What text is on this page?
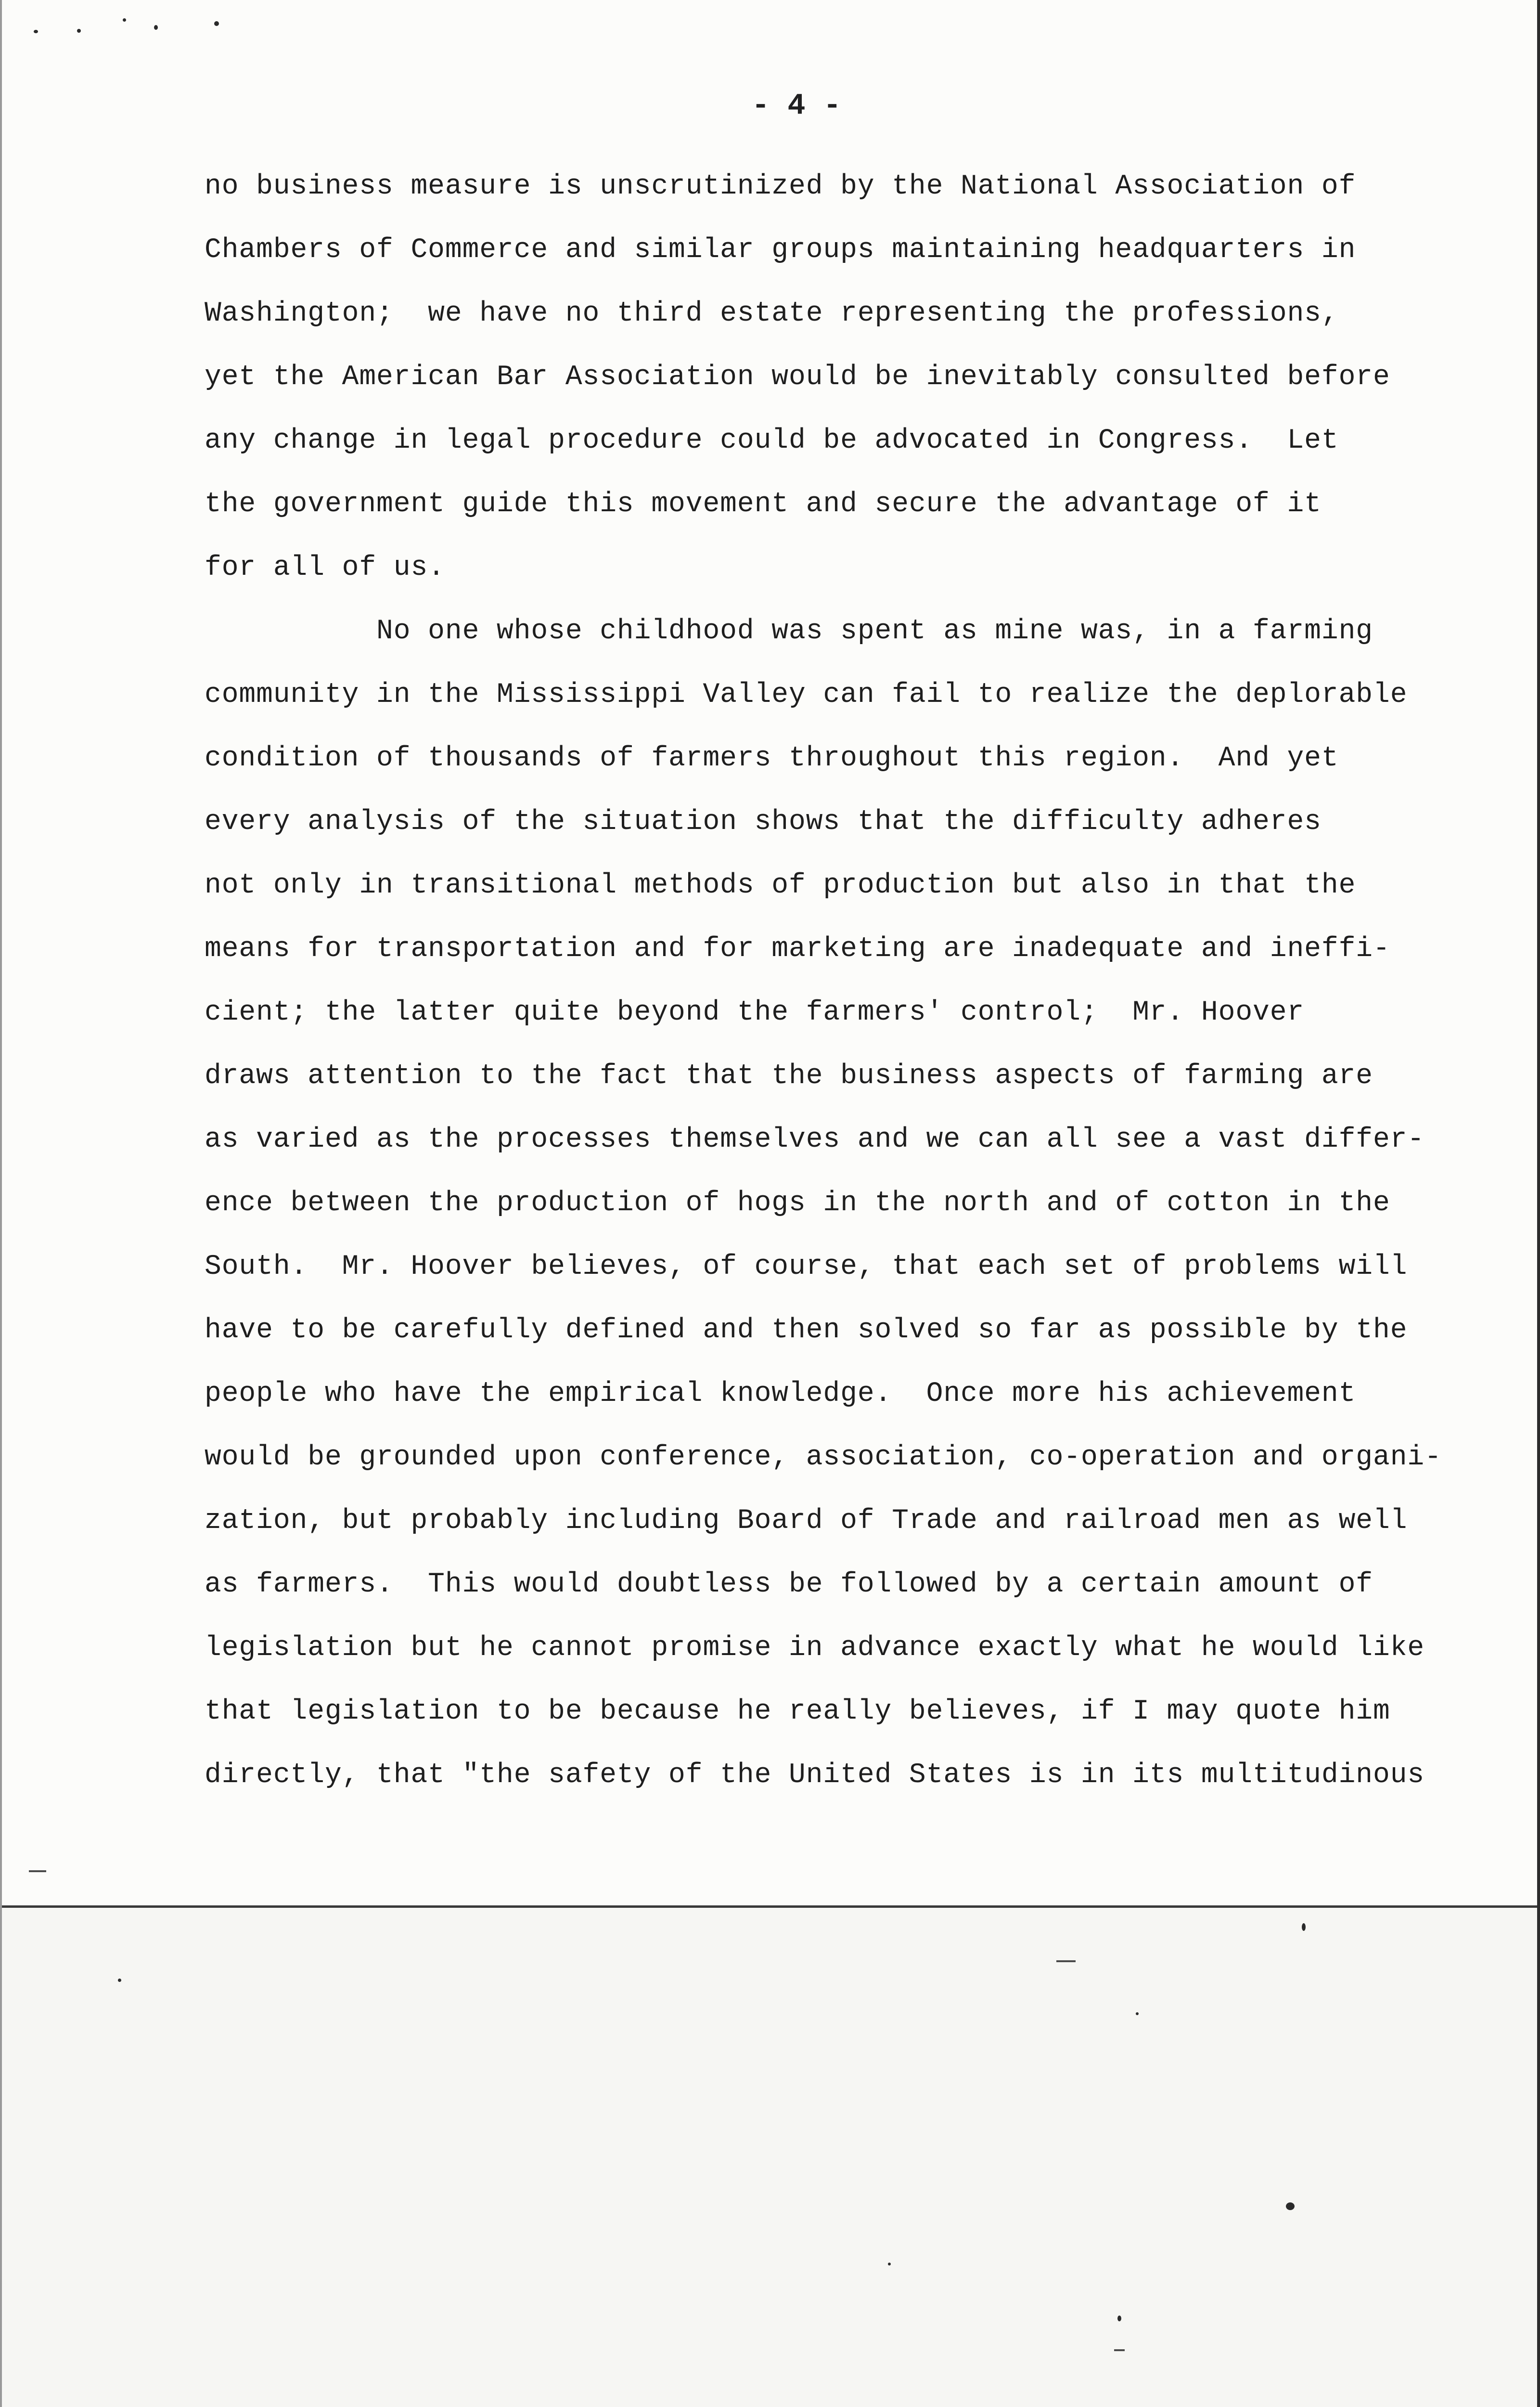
- 4 -
no business measure is unscrutinized by the National Association of
Chambers of Commerce and similar groups maintaining headquarters in
Washington;  we have no third estate representing the professions,
yet the American Bar Association would be inevitably consulted before
any change in legal procedure could be advocated in Congress.  Let
the government guide this movement and secure the advantage of it
for all of us.
No one whose childhood was spent as mine was, in a farming
community in the Mississippi Valley can fail to realize the deplorable
condition of thousands of farmers throughout this region.  And yet
every analysis of the situation shows that the difficulty adheres
not only in transitional methods of production but also in that the
means for transportation and for marketing are inadequate and ineffi-
cient; the latter quite beyond the farmers' control;  Mr. Hoover
draws attention to the fact that the business aspects of farming are
as varied as the processes themselves and we can all see a vast differ-
ence between the production of hogs in the north and of cotton in the
South.  Mr. Hoover believes, of course, that each set of problems will
have to be carefully defined and then solved so far as possible by the
people who have the empirical knowledge.  Once more his achievement
would be grounded upon conference, association, co-operation and organi-
zation, but probably including Board of Trade and railroad men as well
as farmers.  This would doubtless be followed by a certain amount of
legislation but he cannot promise in advance exactly what he would like
that legislation to be because he really believes, if I may quote him
directly, that "the safety of the United States is in its multitudinous
